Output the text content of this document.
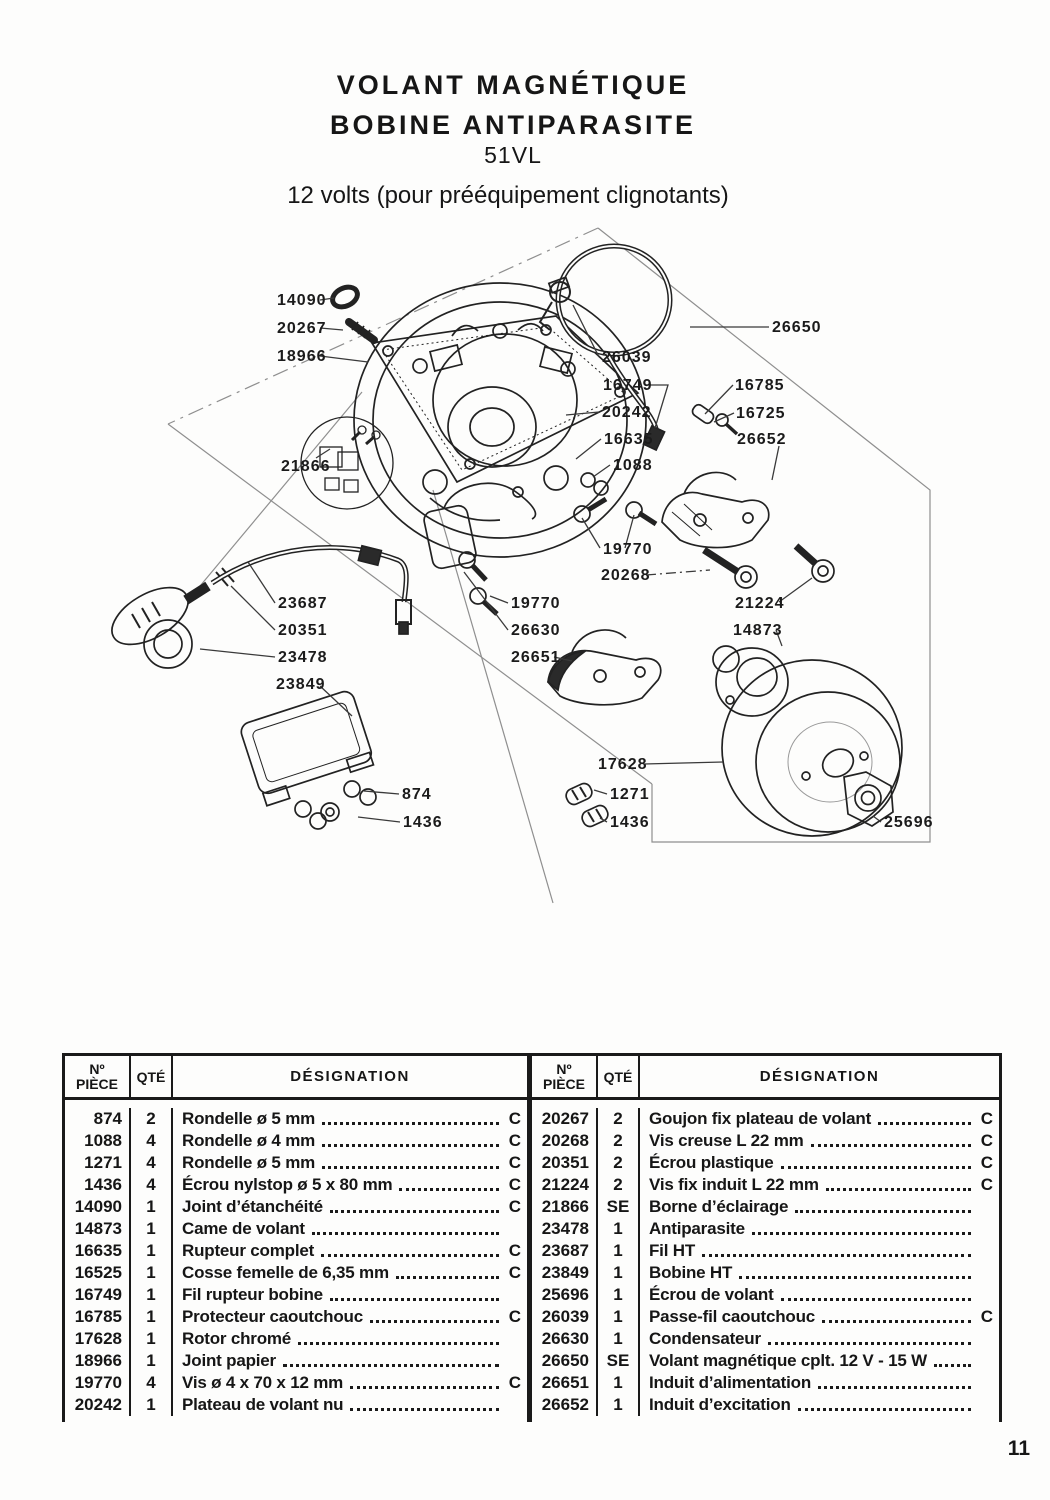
VOLANT MAGNÉTIQUE
BOBINE ANTIPARASITE
51VL
12 volts (pour prééquipement clignotants)
14090
20267
18966
21866
26039
26650
16749	16785
20242	16725
16635	26652
1088
19770
20268
21224
23687	19770
20351	26630	14873
23478	26651
23849
17628
874	1271
1436	1436	25696
Nº
PIÈCE	QTÉ	DÉSIGNATION
874	2	Rondelle ø 5 mm	C
1088	4	Rondelle ø 4 mm	C
1271	4	Rondelle ø 5 mm	C
1436	4	Écrou nylstop ø 5 x 80 mm	C
14090	1	Joint d’étanchéité	C
14873	1	Came de volant
16635	1	Rupteur complet	C
16525	1	Cosse femelle de 6,35 mm	C
16749	1	Fil rupteur bobine
16785	1	Protecteur caoutchouc	C
17628	1	Rotor chromé
18966	1	Joint papier
19770	4	Vis ø 4 x 70 x 12 mm	C
20242	1	Plateau de volant nu
Nº
PIÈCE	QTÉ	DÉSIGNATION
20267	2	Goujon fix plateau de volant	C
20268	2	Vis creuse L 22 mm	C
20351	2	Écrou plastique	C
21224	2	Vis fix induit L 22 mm	C
21866	SE	Borne d’éclairage
23478	1	Antiparasite
23687	1	Fil HT
23849	1	Bobine HT
25696	1	Écrou de volant
26039	1	Passe-fil caoutchouc	C
26630	1	Condensateur
26650	SE	Volant magnétique cplt. 12 V - 15 W
26651	1	Induit d’alimentation
26652	1	Induit d’excitation
11
